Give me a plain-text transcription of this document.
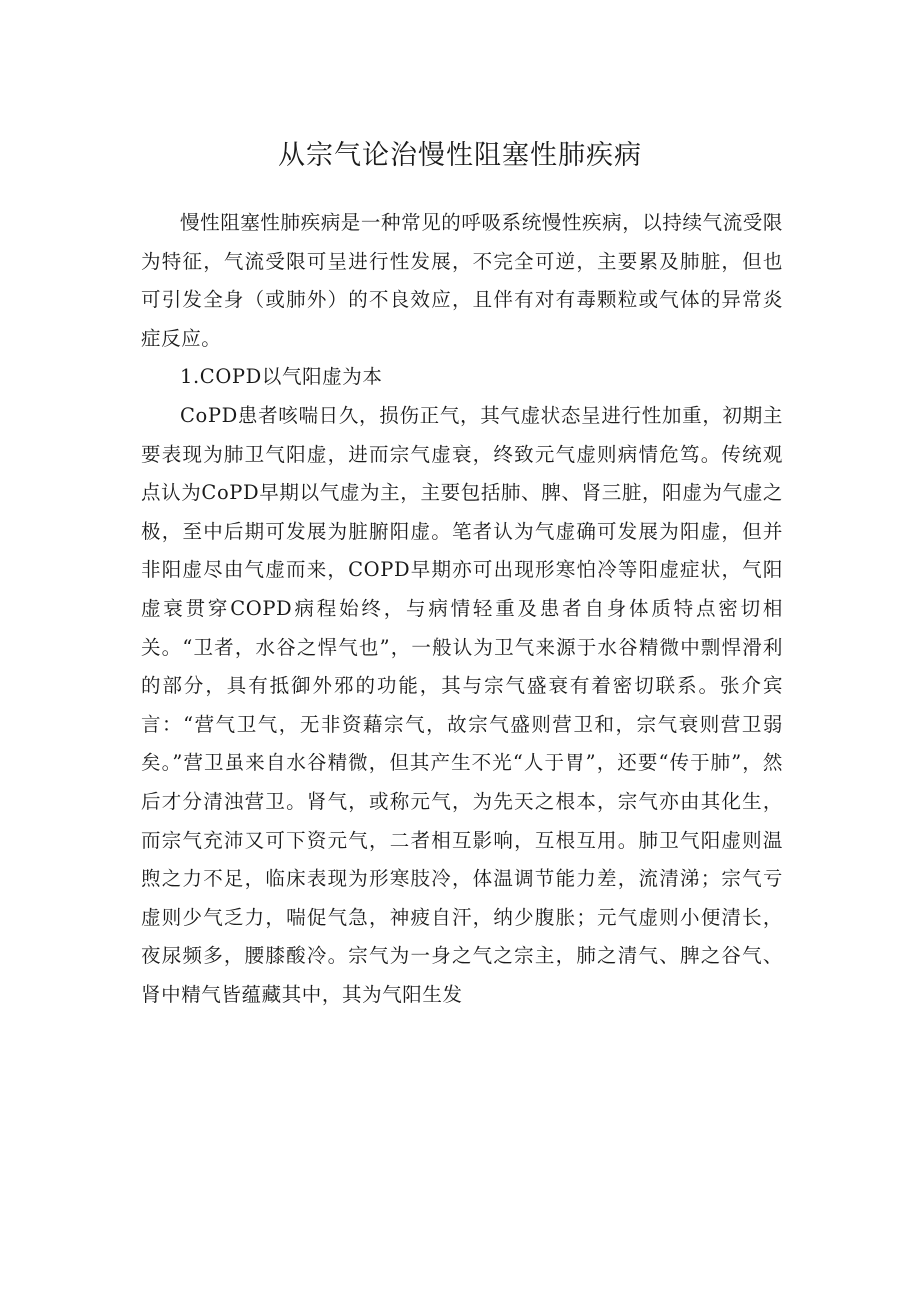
从宗气论治慢性阻塞性肺疾病

慢性阻塞性肺疾病是一种常见的呼吸系统慢性疾病，以持续气流受限为特征，气流受限可呈进行性发展，不完全可逆，主要累及肺脏，但也可引发全身（或肺外）的不良效应，且伴有对有毒颗粒或气体的异常炎症反应。

1.COPD以气阳虚为本

CoPD患者咳喘日久，损伤正气，其气虚状态呈进行性加重，初期主要表现为肺卫气阳虚，进而宗气虚衰，终致元气虚则病情危笃。传统观点认为CoPD早期以气虚为主，主要包括肺、脾、肾三脏，阳虚为气虚之极，至中后期可发展为脏腑阳虚。笔者认为气虚确可发展为阳虚，但并非阳虚尽由气虚而来，COPD早期亦可出现形寒怕冷等阳虚症状，气阳虚衰贯穿COPD病程始终，与病情轻重及患者自身体质特点密切相关。“卫者，水谷之悍气也”，一般认为卫气来源于水谷精微中剽悍滑利的部分，具有抵御外邪的功能，其与宗气盛衰有着密切联系。张介宾言：“营气卫气，无非资藉宗气，故宗气盛则营卫和，宗气衰则营卫弱矣。”营卫虽来自水谷精微，但其产生不光“人于胃”，还要“传于肺”，然后才分清浊营卫。肾气，或称元气，为先天之根本，宗气亦由其化生，而宗气充沛又可下资元气，二者相互影响，互根互用。肺卫气阳虚则温煦之力不足，临床表现为形寒肢冷，体温调节能力差，流清涕；宗气亏虚则少气乏力，喘促气急，神疲自汗，纳少腹胀；元气虚则小便清长，夜尿频多，腰膝酸冷。宗气为一身之气之宗主，肺之清气、脾之谷气、肾中精气皆蕴藏其中，其为气阳生发
